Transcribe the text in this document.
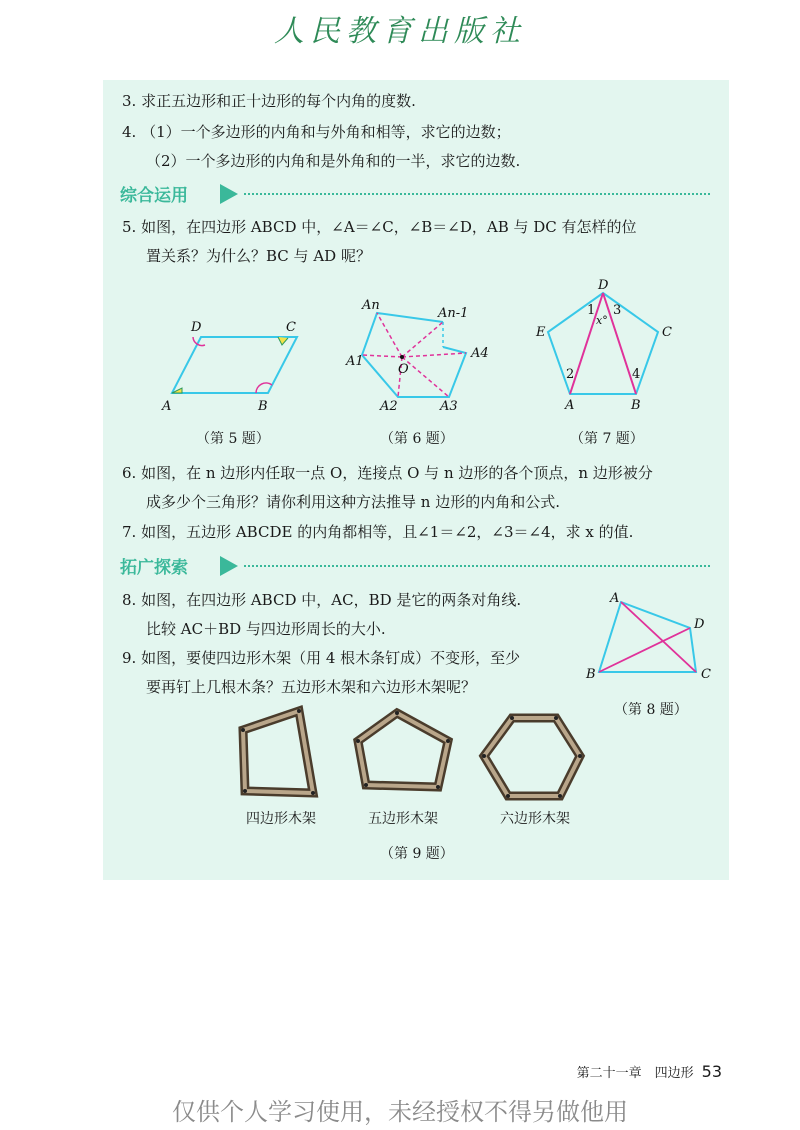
人民教育出版社
3. 求正五边形和正十边形的每个内角的度数.
4. （1）一个多边形的内角和与外角和相等，求它的边数；
（2）一个多边形的内角和是外角和的一半，求它的边数.
综合运用
5. 如图，在四边形 ABCD 中，∠A＝∠C，∠B＝∠D，AB 与 DC 有怎样的位
置关系？为什么？BC 与 AD 呢？
A	B
C
D
（第 5 题）
An
An-1
A1
A2	A3
A4
O
（第 6 题）
D
C
E
A	B
1 3
x°
2	4
（第 7 题）
6. 如图，在 n 边形内任取一点 O，连接点 O 与 n 边形的各个顶点，n 边形被分
成多少个三角形？请你利用这种方法推导 n 边形的内角和公式.
7. 如图，五边形 ABCDE 的内角都相等，且∠1＝∠2，∠3＝∠4，求 x 的值.
拓广探索
8. 如图，在四边形 ABCD 中，AC，BD 是它的两条对角线.
比较 AC＋BD 与四边形周长的大小.
9. 如图，要使四边形木架（用 4 根木条钉成）不变形，至少
要再钉上几根木条？五边形木架和六边形木架呢？
A
D
B	C
（第 8 题）
四边形木架	五边形木架	六边形木架
（第 9 题）
第二十一章　四边形 53
仅供个人学习使用，未经授权不得另做他用
